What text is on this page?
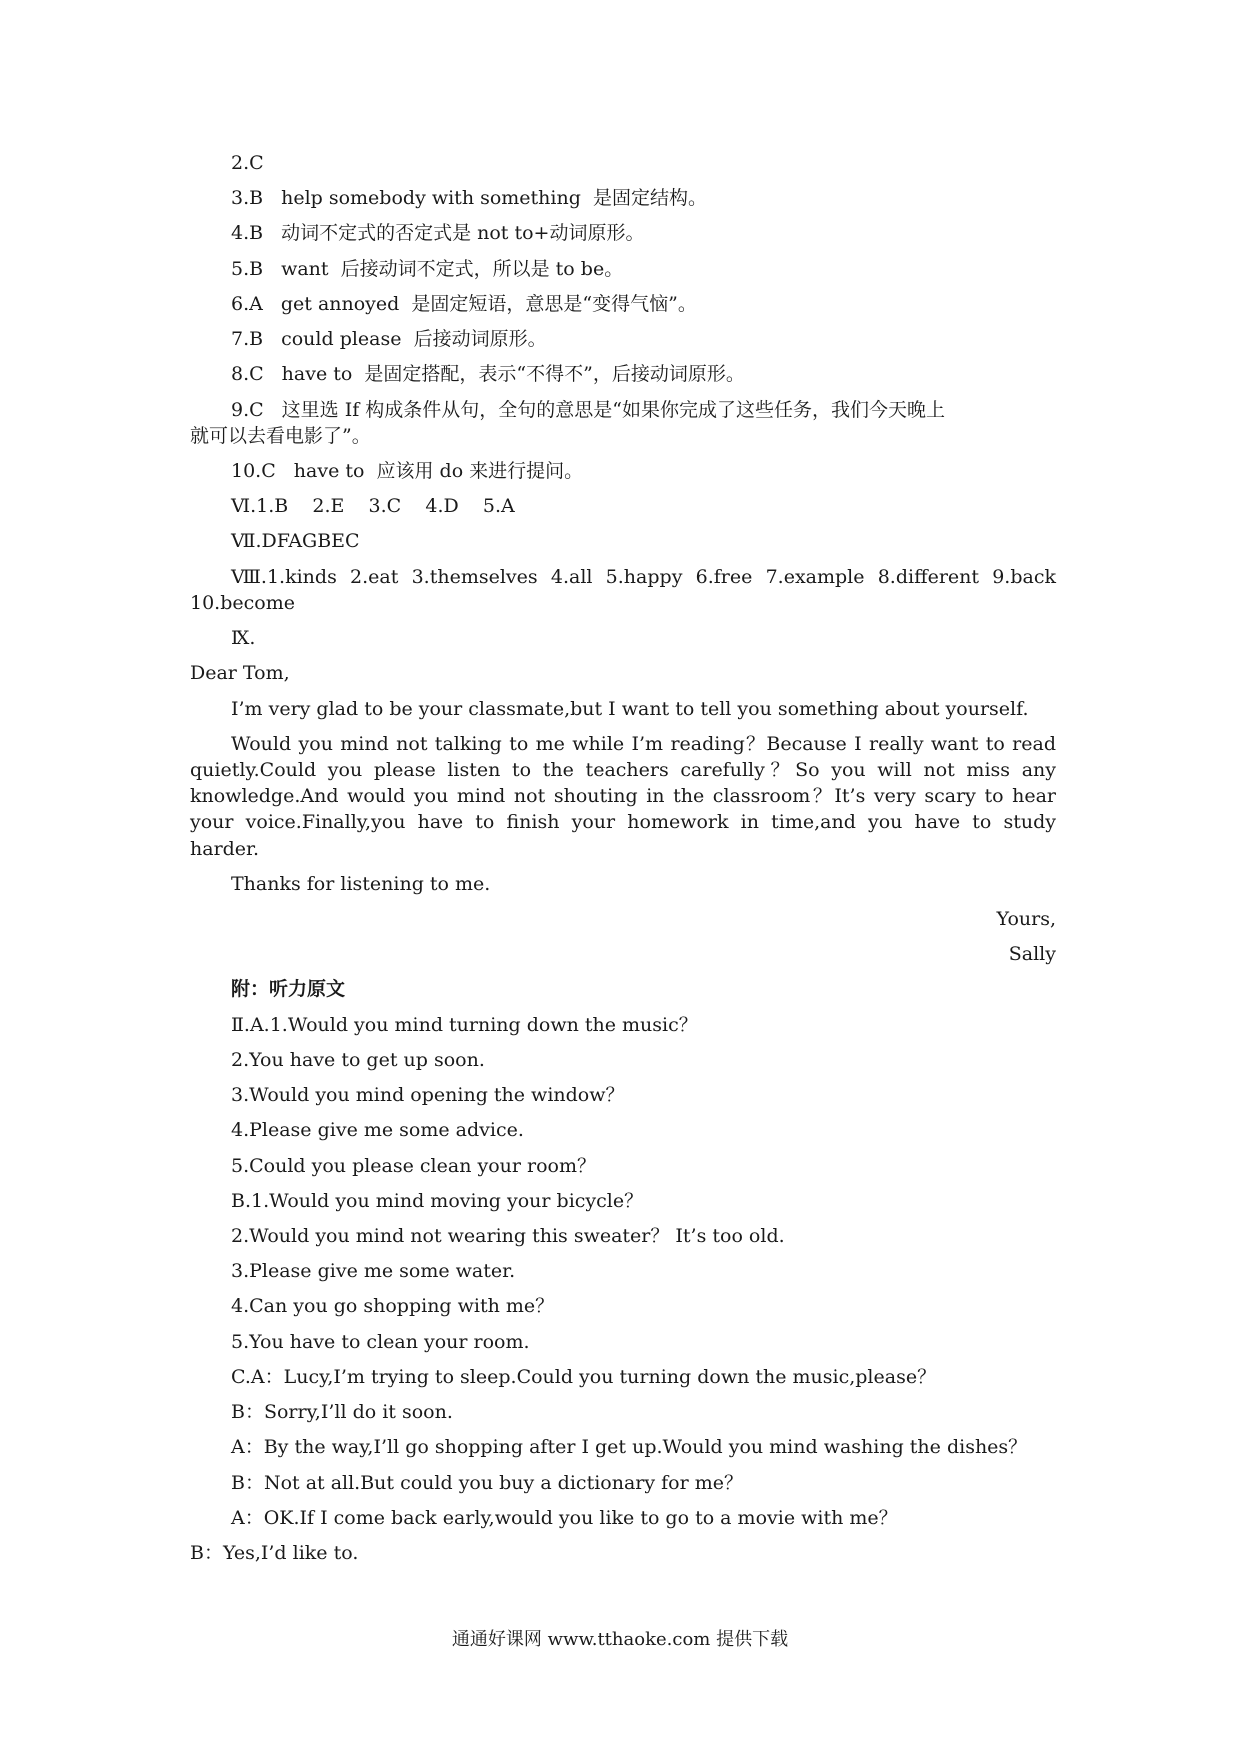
2.C
3.B help somebody with something  是固定结构。
4.B 动词不定式的否定式是 not to+动词原形。
5.B want  后接动词不定式，所以是 to be。
6.A get annoyed  是固定短语，意思是“变得气恼”。
7.B could please  后接动词原形。
8.C have to  是固定搭配，表示“不得不”，后接动词原形。
9.C 这里选 If 构成条件从句，全句的意思是“如果你完成了这些任务，我们今天晚上
就可以去看电影了”。
10.C have to  应该用 do 来进行提问。
Ⅵ.1.B    2.E    3.C    4.D    5.A
Ⅶ.DFAGBEC
Ⅷ.1.kinds 2.eat 3.themselves 4.all 5.happy 6.free 7.example 8.different 9.back
10.become
Ⅸ.
Dear Tom,
I’m very glad to be your classmate,but I want to tell you something about yourself.
Would you mind not talking to me while I’m reading？Because I really want to read quietly.Could you please listen to the teachers carefully？So you will not miss any knowledge.And would you mind not shouting in the classroom？It’s very scary to hear your voice.Finally,you have to finish your homework in time,and you have to study harder.
Thanks for listening to me.
Yours,
Sally
附：听力原文
Ⅱ.A.1.Would you mind turning down the music？
2.You have to get up soon.
3.Would you mind opening the window？
4.Please give me some advice.
5.Could you please clean your room？
B.1.Would you mind moving your bicycle？
2.Would you mind not wearing this sweater？ It’s too old.
3.Please give me some water.
4.Can you go shopping with me？
5.You have to clean your room.
C.A：Lucy,I’m trying to sleep.Could you turning down the music,please？
B：Sorry,I’ll do it soon.
A：By the way,I’ll go shopping after I get up.Would you mind washing the dishes？
B：Not at all.But could you buy a dictionary for me？
A：OK.If I come back early,would you like to go to a movie with me？
B：Yes,I’d like to.
通通好课网 www.tthaoke.com 提供下载
